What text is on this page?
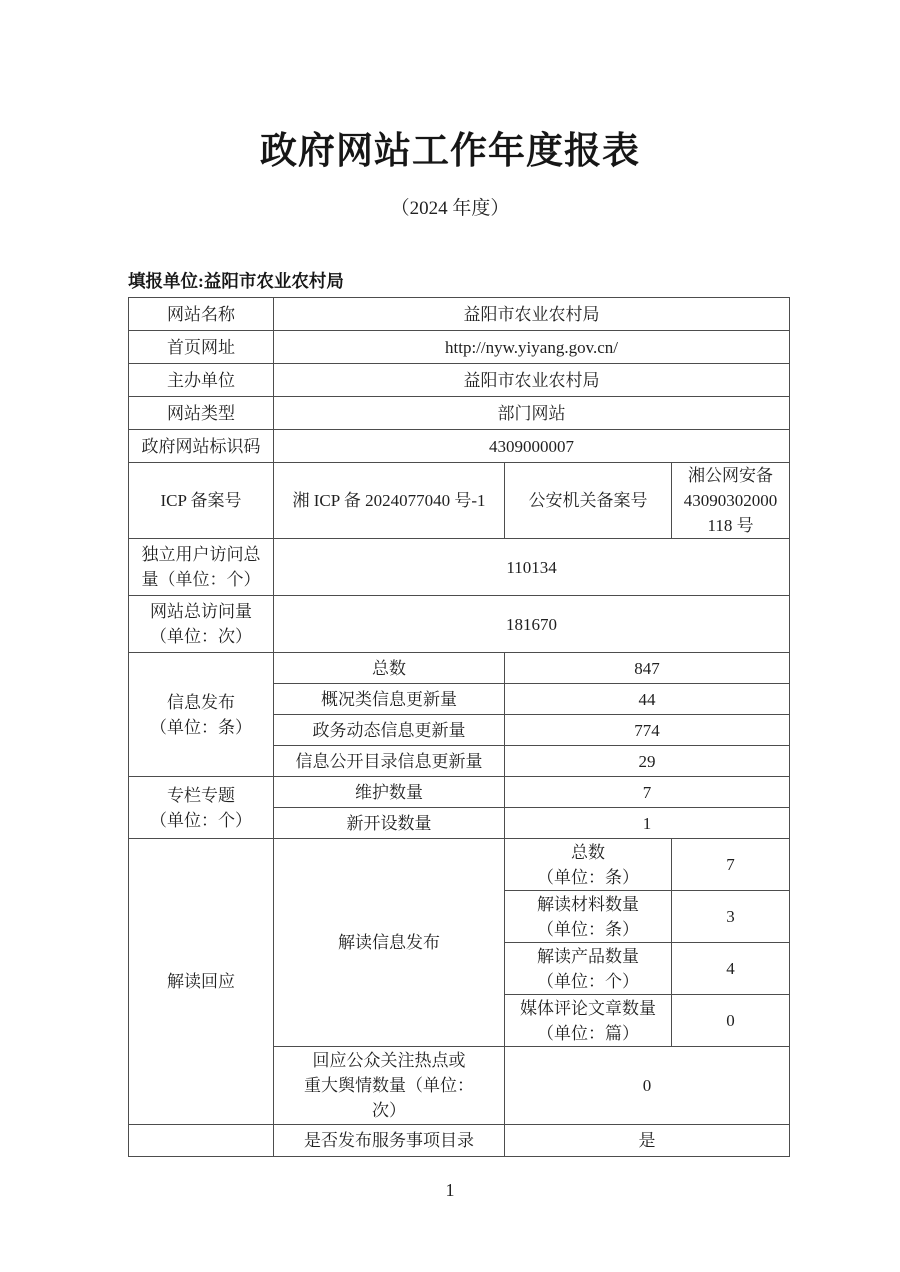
政府网站工作年度报表
（2024 年度）
填报单位:益阳市农业农村局
网站名称	益阳市农业农村局		
首页网址	http://nyw.yiyang.gov.cn/		
主办单位	益阳市农业农村局		
网站类型	部门网站		
政府网站标识码	4309000007		
ICP 备案号	湘 ICP 备 2024077040 号-1	公安机关备案号	湘公网安备
43090302000
118 号
独立用户访问总
量（单位：个）	110134		
网站总访问量
（单位：次）	181670		
信息发布
（单位：条）	总数	847	
	概况类信息更新量	44	
	政务动态信息更新量	774	
	信息公开目录信息更新量	29	
专栏专题
（单位：个）	维护数量	7	
	新开设数量	1	
解读回应	解读信息发布	总数
（单位：条）	7
		解读材料数量
（单位：条）	3
		解读产品数量
（单位：个）	4
		媒体评论文章数量
（单位：篇）	0
	回应公众关注热点或
重大舆情数量（单位：
次）	0	
	是否发布服务事项目录	是	
1
